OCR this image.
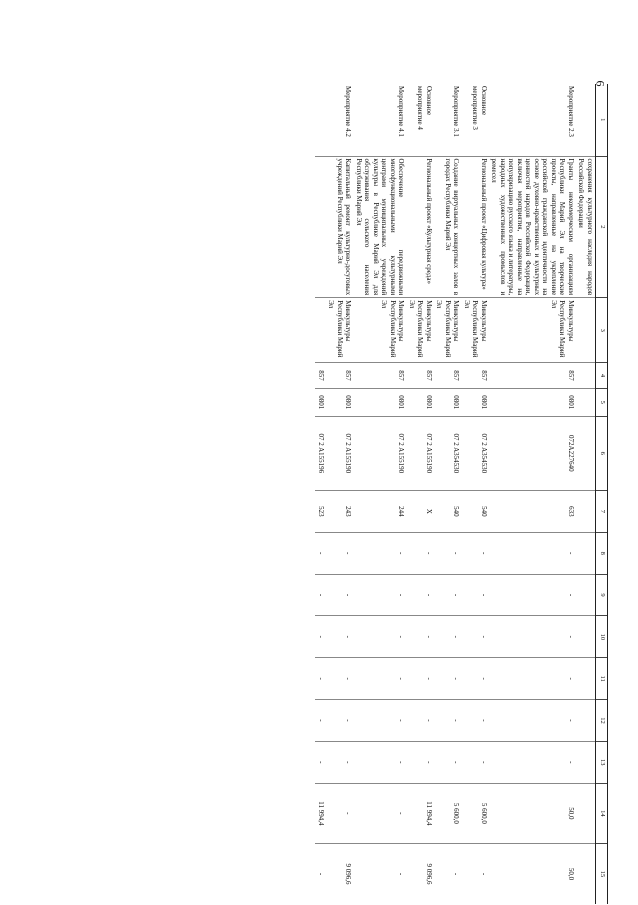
6
1	2	3	4	5	6	7	8	9	10	11	12	13	14	15
	сохранения культурного наследия народов Российской Федерации													
Мероприятие 2.3	Гранты некоммерческим организациям Республики Марий Эл на творческие проекты, направленные на укрепление российской гражданской идентичности на основе духовно-нравственных и культурных ценностей народов Российской Федерации, включая мероприятия, направленные на популяризацию русского языка и литературы, народных художественных промыслов и ремесел	Минкультуры Республики Марий Эл	857	0801	072A227640	633	-	-	-	-	-	-	50,0	50,0
Основное мероприятие 3	Региональный проект «Цифровая культура»	Минкультуры Республики Марий Эл	857	0801	07 2 A354530	540	-	-	-	-	-	-	5 600,0	-
Мероприятие 3.1	Создание виртуальных концертных залов в городах Республики Марий Эл	Минкультуры Республики Марий Эл	857	0801	07 2 A354530	540	-	-	-	-	-	-	5 600,0	-
Основное мероприятие 4	Региональный проект «Культурная среда»	Минкультуры Республики Марий Эл	857	0801	07 2 A155190	X	-	-	-	-	-	-	11 994,4	9 096,6
Мероприятие 4.1	Обеспечение передвижными многофункциональными культурными центрами муниципальных учреждений культуры в Республике Марий Эл для обслуживания сельского населения Республики Марий Эл	Минкультуры Республики Марий Эл	857	0801	07 2 A155190	244	-	-	-	-	-	-	-	-
Мероприятие 4.2	Капитальный ремонт культурно-досуговых учреждений Республики Марий Эл	Минкультуры Республики Марий Эл	857	0801	07 2 A155190	243	-	-	-	-	-	-	-	9 096,6
			857	0801	07 2 A155196	523	-	-	-	-	-	-	11 994,4	-
